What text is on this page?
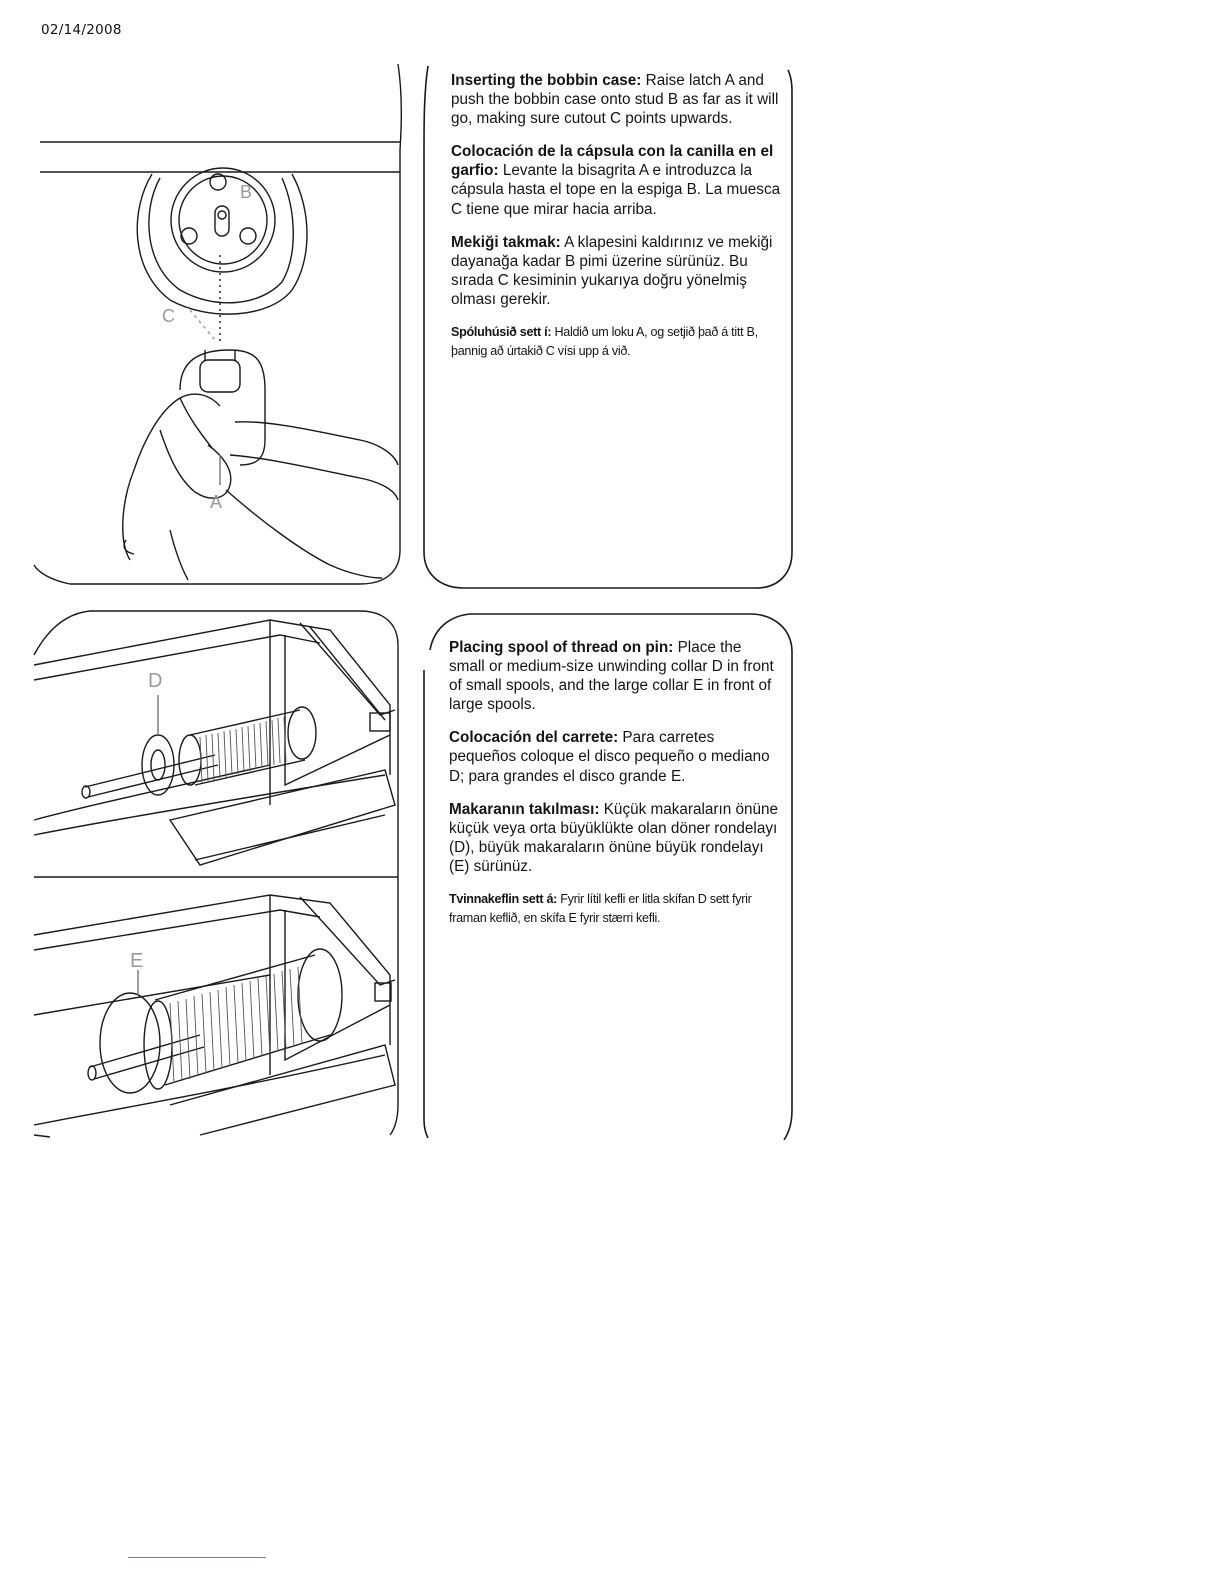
02/14/2008
B
C
A

Inserting the bobbin case: Raise latch A and push the bobbin case onto stud B as far as it will go, making sure cutout C points upwards.

Colocación de la cápsula con la canilla en el garfio: Levante la bisagrita A e introduzca la cápsula hasta el tope en la espiga B. La muesca C tiene que mirar hacia arriba.

Mekiği takmak: A klapesini kaldırınız ve mekiği dayanağa kadar B pimi üzerine sürünüz. Bu sırada C kesiminin yukarıya doğru yönelmiş olması gerekir.

Spóluhúsið sett í: Haldið um loku A, og setjið það á titt B, þannig að úrtakið C vísi upp á við.

D
E

Placing spool of thread on pin: Place the small or medium-size unwinding collar D in front of small spools, and the large collar E in front of large spools.

Colocación del carrete: Para carretes pequeños coloque el disco pequeño o mediano D; para grandes el disco grande E.

Makaranın takılması: Küçük makaraların önüne küçük veya orta büyüklükte olan döner rondelayı (D), büyük makaraların önüne büyük rondelayı (E) sürünüz.

Tvinnakeflin sett á: Fyrir lítil kefli er litla skífan D sett fyrir framan keflið, en skífa E fyrir stærri kefli.
